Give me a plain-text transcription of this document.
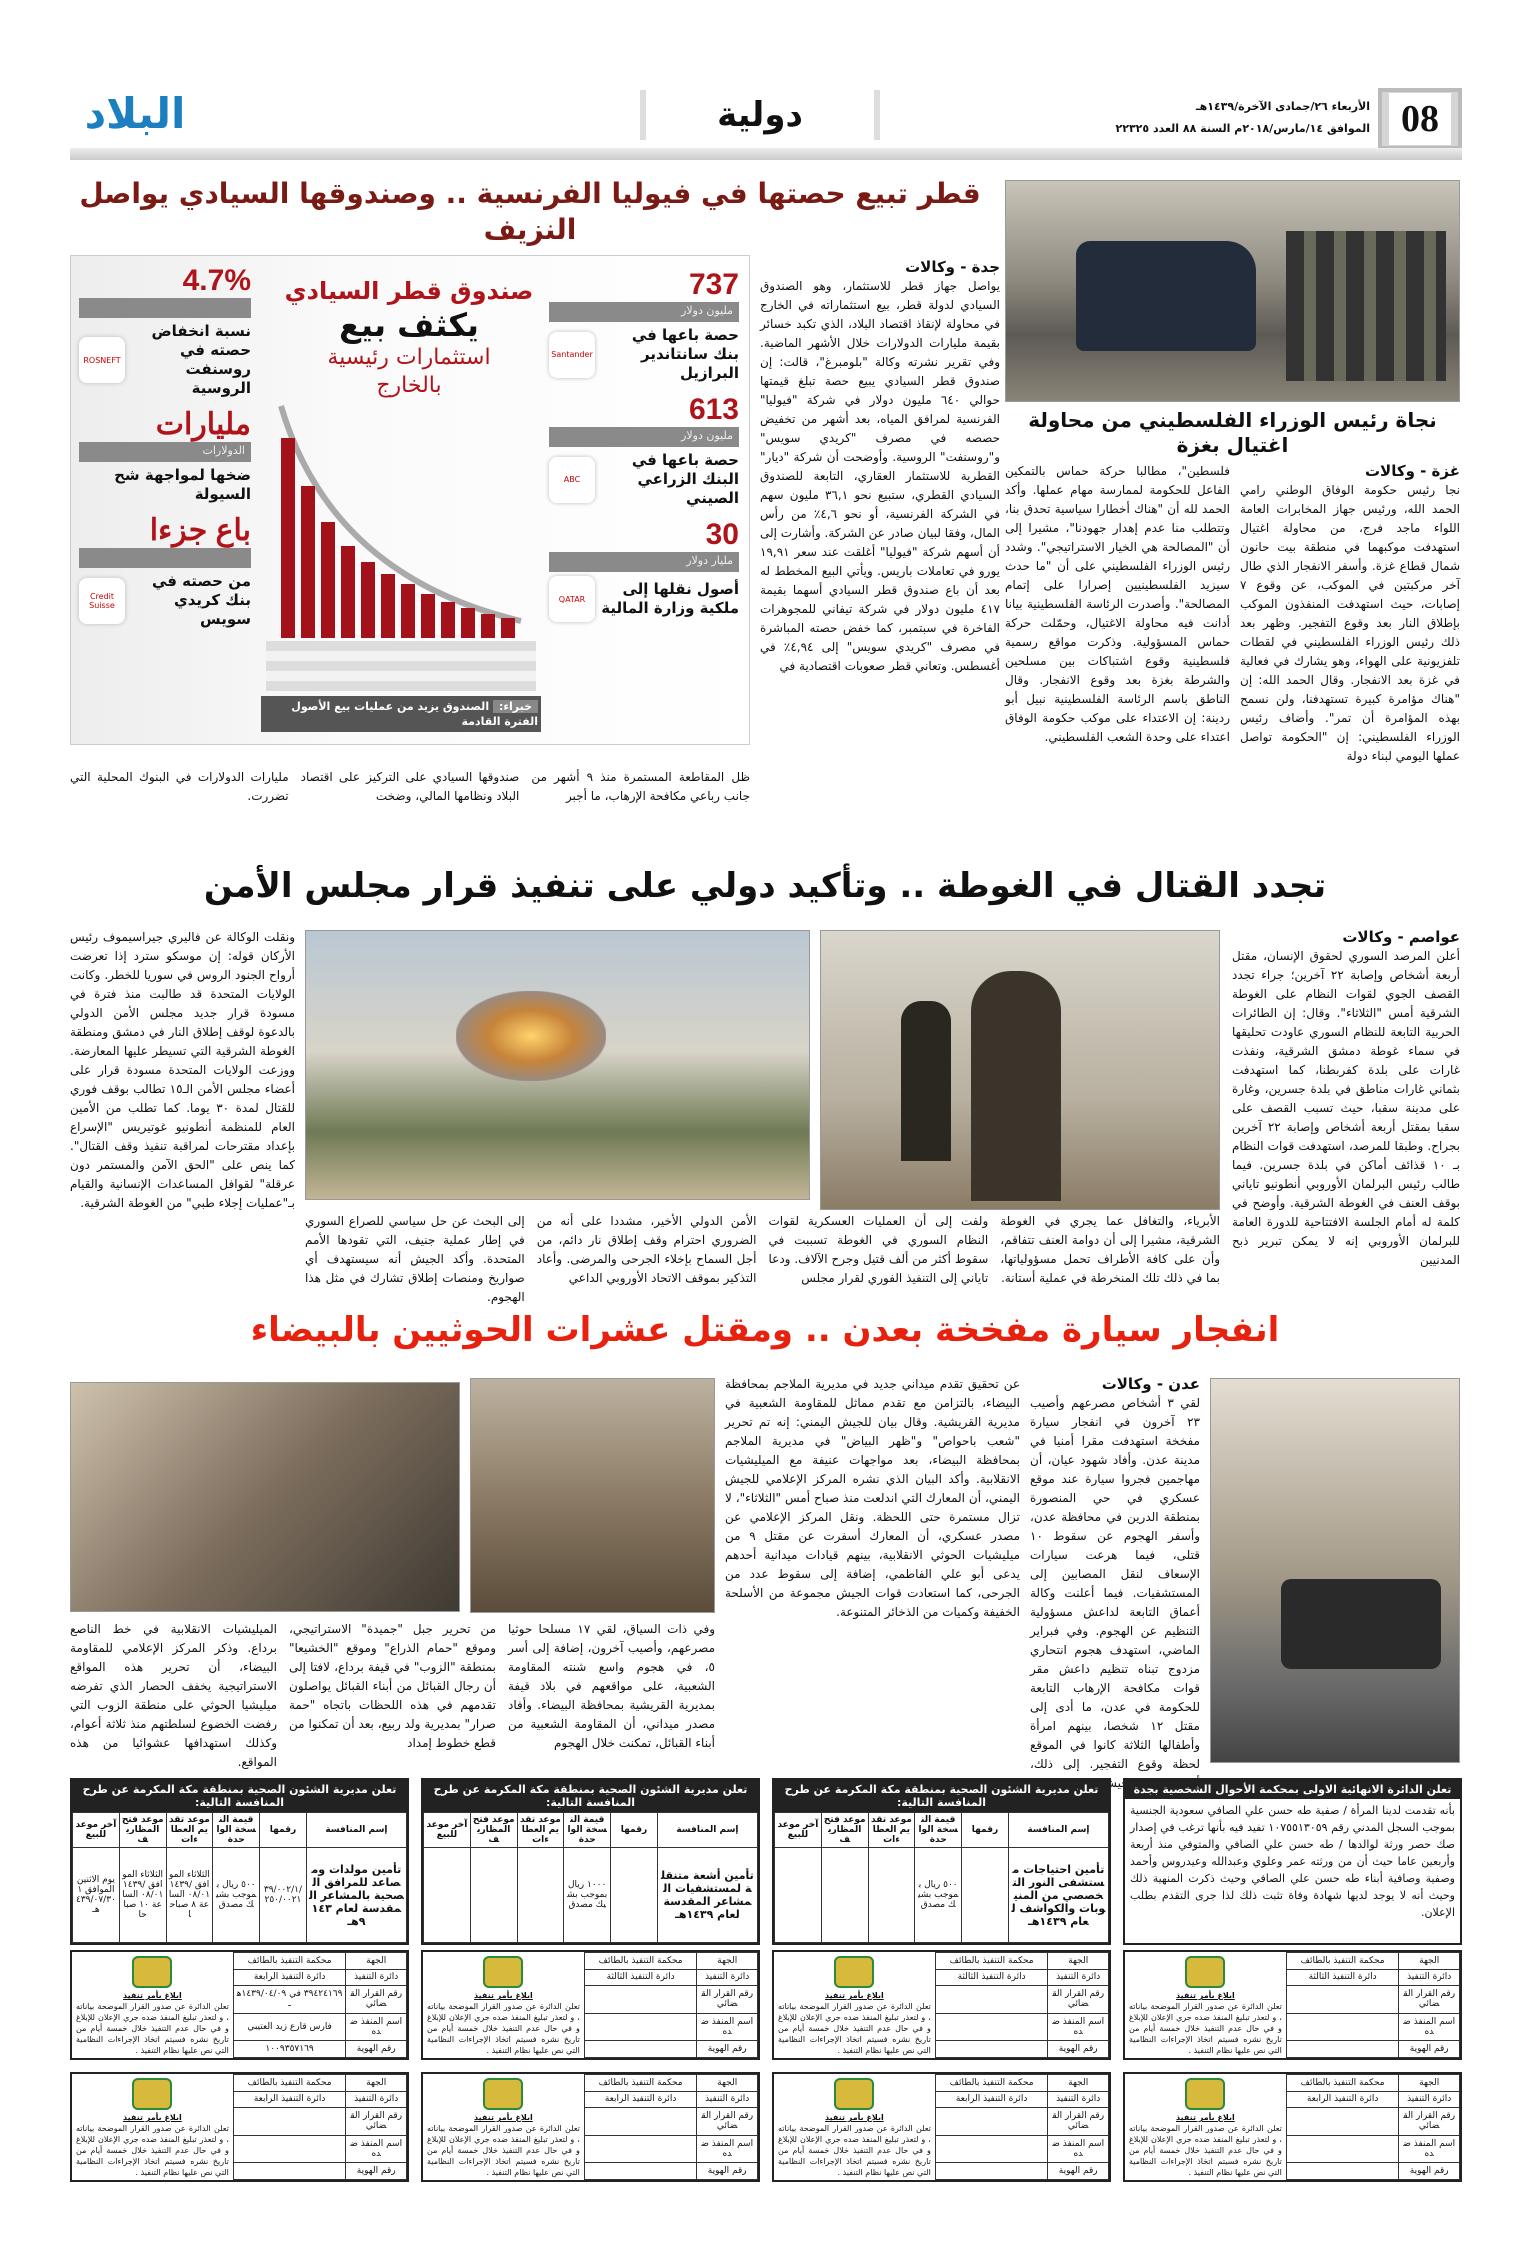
08
الأربعاء ٢٦/جمادى الآخرة/١٤٣٩هـ
الموافق ١٤/مارس/٢٠١٨م السنة ٨٨ العدد ٢٢٣٢٥
دولية
البلاد
قطر تبيع حصتها في فيوليا الفرنسية .. وصندوقها السيادي يواصل النزيف
صندوق قطر السيادي
يكثف بيع
استثمارات رئيسية
بالخارج
خبراء: الصندوق يزيد من عمليات بيع الأصول الفترة القادمة
737
مليون دولار
حصة باعها في بنك سانتاندير البرازيل
Santander
613
مليون دولار
حصة باعها في البنك الزراعي الصيني
ABC
30
مليار دولار
أصول نقلها إلى ملكية وزارة المالية
QATAR
4.7%
نسبة انخفاض حصته في روسنفت الروسية
ROSNEFT
مليارات
الدولارات
ضخها لمواجهة شح السيولة
باع جزءا
من حصته في بنك كريدي سويس
Credit Suisse
جدة - وكالات
يواصل جهاز قطر للاستثمار، وهو الصندوق السيادي لدولة قطر، بيع استثماراته في الخارج في محاولة لإنقاذ اقتصاد البلاد، الذي تكبد خسائر بقيمة مليارات الدولارات خلال الأشهر الماضية. وفي تقرير نشرته وكالة "بلومبرغ"، قالت: إن صندوق قطر السيادي يبيع حصة تبلغ قيمتها حوالي ٦٤٠ مليون دولار في شركة "فيوليا" الفرنسية لمرافق المياه، بعد أشهر من تخفيض حصصه في مصرف "كريدي سويس" و"روسنفت" الروسية. وأوضحت أن شركة "ديار" القطرية للاستثمار العقاري، التابعة للصندوق السيادي القطري، ستبيع نحو ٣٦,١ مليون سهم في الشركة الفرنسية، أو نحو ٤,٦٪ من رأس المال، وفقا لبيان صادر عن الشركة. وأشارت إلى أن أسهم شركة "فيوليا" أغلقت عند سعر ١٩,٩١ يورو في تعاملات باريس. ويأتي البيع المخطط له بعد أن باع صندوق قطر السيادي أسهما بقيمة ٤١٧ مليون دولار في شركة تيفاني للمجوهرات الفاخرة في سبتمبر، كما خفض حصته المباشرة في مصرف "كريدي سويس" إلى ٤,٩٤٪ في أغسطس. وتعاني قطر صعوبات اقتصادية في
ظل المقاطعة المستمرة منذ ٩ أشهر من جانب رباعي مكافحة الإرهاب، ما أجبر
صندوقها السيادي على التركيز على اقتصاد البلاد ونظامها المالي، وضخت
مليارات الدولارات في البنوك المحلية التي تضررت.
نجاة رئيس الوزراء الفلسطيني من محاولة اغتيال بغزة
غزة - وكالات
نجا رئيس حكومة الوفاق الوطني رامي الحمد الله، ورئيس جهاز المخابرات العامة اللواء ماجد فرج، من محاولة اغتيال استهدفت موكبهما في منطقة بيت حانون شمال قطاع غزة. وأسفر الانفجار الذي طال آخر مركبتين في الموكب، عن وقوع ٧ إصابات، حيث استهدفت المنفذون الموكب بإطلاق النار بعد وقوع التفجير. وظهر بعد ذلك رئيس الوزراء الفلسطيني في لقطات تلفزيونية على الهواء، وهو يشارك في فعالية في غزة بعد الانفجار. وقال الحمد الله: إن "هناك مؤامرة كبيرة تستهدفنا، ولن نسمح بهذه المؤامرة أن تمر". وأضاف رئيس الوزراء الفلسطيني: إن "الحكومة تواصل عملها اليومي لبناء دولة
فلسطين"، مطالبا حركة حماس بالتمكين الفاعل للحكومة لممارسة مهام عملها. وأكد الحمد لله أن "هناك أخطارا سياسية تحدق بنا، وتتطلب منا عدم إهدار جهودنا"، مشيرا إلى أن "المصالحة هي الخيار الاستراتيجي". وشدد رئيس الوزراء الفلسطيني على أن "ما حدث سيزيد الفلسطينيين إصرارا على إتمام المصالحة". وأصدرت الرئاسة الفلسطينية بيانا أدانت فيه محاولة الاغتيال، وحمّلت حركة حماس المسؤولية. وذكرت مواقع رسمية فلسطينية وقوع اشتباكات بين مسلحين والشرطة بغزة بعد وقوع الانفجار. وقال الناطق باسم الرئاسة الفلسطينية نبيل أبو ردينة: إن الاعتداء على موكب حكومة الوفاق اعتداء على وحدة الشعب الفلسطيني.
تجدد القتال في الغوطة .. وتأكيد دولي على تنفيذ قرار مجلس الأمن
عواصم - وكالات
أعلن المرصد السوري لحقوق الإنسان، مقتل أربعة أشخاص وإصابة ٢٢ آخرين؛ جراء تجدد القصف الجوي لقوات النظام على الغوطة الشرقية أمس "الثلاثاء". وقال: إن الطائرات الحربية التابعة للنظام السوري عاودت تحليقها في سماء غوطة دمشق الشرقية، ونفذت غارات على بلدة كفربطنا، كما استهدفت بثماني غارات مناطق في بلدة جسرين، وغارة على مدينة سقبا، حيث تسبب القصف على سقبا بمقتل أربعة أشخاص وإصابة ٢٢ آخرين بجراح. وطبقا للمرصد، استهدفت قوات النظام بـ ١٠ قذائف أماكن في بلدة جسرين. فيما طالب رئيس البرلمان الأوروبي أنطونيو تاياني بوقف العنف في الغوطة الشرقية. وأوضح في كلمة له أمام الجلسة الافتتاحية للدورة العامة للبرلمان الأوروبي إنه لا يمكن تبرير ذبح المدنيين
ونقلت الوكالة عن فاليري جيراسيموف رئيس الأركان قوله: إن موسكو سترد إذا تعرضت أرواح الجنود الروس في سوريا للخطر. وكانت الولايات المتحدة قد طالبت منذ فترة في مسودة قرار جديد مجلس الأمن الدولي بالدعوة لوقف إطلاق النار في دمشق ومنطقة الغوطة الشرقية التي تسيطر عليها المعارضة. ووزعت الولايات المتحدة مسودة قرار على أعضاء مجلس الأمن الـ١٥ تطالب بوقف فوري للقتال لمدة ٣٠ يوما. كما تطلب من الأمين العام للمنظمة أنطونيو غوتيريس "الإسراع بإعداد مقترحات لمراقبة تنفيذ وقف القتال". كما ينص على "الحق الآمن والمستمر دون عرقلة" لقوافل المساعدات الإنسانية والقيام بـ"عمليات إجلاء طبي" من الغوطة الشرقية.
الأبرياء، والتغافل عما يجري في الغوطة الشرقية، مشيرا إلى أن دوامة العنف تتفاقم، وأن على كافة الأطراف تحمل مسؤولياتها، بما في ذلك تلك المنخرطة في عملية أستانة.
ولفت إلى أن العمليات العسكرية لقوات النظام السوري في الغوطة تسببت في سقوط أكثر من ألف قتيل وجرح الآلاف. ودعا تاياني إلى التنفيذ الفوري لقرار مجلس
الأمن الدولي الأخير، مشددا على أنه من الضروري احترام وقف إطلاق نار دائم، من أجل السماح بإخلاء الجرحى والمرضى. وأعاد التذكير بموقف الاتحاد الأوروبي الداعي
إلى البحث عن حل سياسي للصراع السوري في إطار عملية جنيف، التي تقودها الأمم المتحدة. وأكد الجيش أنه سيستهدف أي صواريخ ومنصات إطلاق تشارك في مثل هذا الهجوم.
انفجار سيارة مفخخة بعدن .. ومقتل عشرات الحوثيين بالبيضاء
عدن - وكالات
لقي ٣ أشخاص مصرعهم وأصيب ٢٣ آخرون في انفجار سيارة مفخخة استهدفت مقرا أمنيا في مدينة عدن. وأفاد شهود عيان، أن مهاجمين فجروا سيارة عند موقع عسكري في حي المنصورة بمنطقة الدرين في محافظة عدن، وأسفر الهجوم عن سقوط ١٠ قتلى، فيما هرعت سيارات الإسعاف لنقل المصابين إلى المستشفيات. فيما أعلنت وكالة أعماق التابعة لداعش مسؤولية التنظيم عن الهجوم. وفي فبراير الماضي، استهدف هجوم انتحاري مزدوج تبناه تنظيم داعش مقر قوات مكافحة الإرهاب التابعة للحكومة في عدن، ما أدى إلى مقتل ١٢ شخصا، بينهم امرأة وأطفالها الثلاثة كانوا في الموقع لحظة وقوع التفجير. إلى ذلك، الجيش
عن تحقيق تقدم ميداني جديد في مديرية الملاجم بمحافظة البيضاء، بالتزامن مع تقدم مماثل للمقاومة الشعبية في مديرية القريشية. وقال بيان للجيش اليمني: إنه تم تحرير "شعب باحواص" و"ظهر البياض" في مديرية الملاجم بمحافظة البيضاء، بعد مواجهات عنيفة مع الميليشيات الانقلابية. وأكد البيان الذي نشره المركز الإعلامي للجيش اليمني، أن المعارك التي اندلعت منذ صباح أمس "الثلاثاء"، لا تزال مستمرة حتى اللحظة. ونقل المركز الإعلامي عن مصدر عسكري، أن المعارك أسفرت عن مقتل ٩ من ميليشيات الحوثي الانقلابية، بينهم قيادات ميدانية أحدهم يدعى أبو علي الفاطمي، إضافة إلى سقوط عدد من الجرحى، كما استعادت قوات الجيش مجموعة من الأسلحة الخفيفة وكميات من الذخائر المتنوعة.
وفي ذات السياق، لقي ١٧ مسلحا حوثيا مصرعهم، وأصيب آخرون، إضافة إلى أسر ٥، في هجوم واسع شنته المقاومة الشعبية، على مواقعهم في بلاد قيفة بمديرية القريشية بمحافظة البيضاء. وأفاد مصدر ميداني، أن المقاومة الشعبية من أبناء القبائل، تمكنت خلال الهجوم
من تحرير جبل "جميدة" الاستراتيجي، وموقع "حمام الذراع" وموقع "الخشيعا" بمنطقة "الزوب" في قيفة برداع، لافتا إلى أن رجال القبائل من أبناء القبائل يواصلون تقدمهم في هذه اللحظات باتجاه "حمة صرار" بمديرية ولد ربيع، بعد أن تمكنوا من قطع خطوط إمداد
الميليشيات الانقلابية في خط الناصع برداع. وذكر المركز الإعلامي للمقاومة البيضاء، أن تحرير هذه المواقع الاستراتيجية يخفف الحصار الذي تفرضه ميليشيا الحوثي على منطقة الزوب التي رفضت الخضوع لسلطتهم منذ ثلاثة أعوام، وكذلك استهدافها عشوائيا من هذه المواقع.
تعلن الدائرة الانهائية الاولى بمحكمة الأحوال الشخصية بجدة
بأنه تقدمت لدينا المرأة / صفية طه حسن علي الصافي سعودية الجنسية بموجب السجل المدني رقم ١٠٧٥٥١٣٠٥٩ تفيد فيه بأنها ترغب في إصدار صك حصر ورثة لوالدها / طه حسن علي الصافي والمتوفي منذ أربعة وأربعين عاما حيث أن من ورثته عمر وعلوي وعبدالله وعيدروس وأحمد وصفية وصافية أبناء طه حسن علي الصافي وحيث ذكرت المنهية ذلك وحيث أنه لا يوجد لديها شهادة وفاة تثبت ذلك لذا جرى التقدم بطلب الإعلان.
تعلن مديرية الشئون الصحية بمنطقة مكة المكرمة عن طرح المنافسة التالية:
إسم المنافسة	رقمها	قيمة النسخة الواحدة	موعد تقديم العطاءات	موعد فتح المظاريف	آخر موعد للبيع
تأمين احتياجات مستشفى النور التخصصي من المنيوبات والكواشف لعام ١٤٣٩هـ		٥٠٠ ريال بموجب بشيك مصدق			
تعلن مديرية الشئون الصحية بمنطقة مكة المكرمة عن طرح المنافسة التالية:
إسم المنافسة	رقمها	قيمة النسخة الواحدة	موعد تقديم العطاءات	موعد فتح المظاريف	آخر موعد للبيع
تأمين أشعة متنقلة لمستشفيات المشاعر المقدسة لعام ١٤٣٩هـ		١٠٠٠ ريال بموجب بشيك مصدق			
تعلن مديرية الشئون الصحية بمنطقة مكة المكرمة عن طرح المنافسة التالية:
إسم المنافسة	رقمها	قيمة النسخة الواحدة	موعد تقديم العطاءات	موعد فتح المظاريف	آخر موعد للبيع
تأمين مولدات ومصاعد للمرافق الصحية بالمشاعر المقدسة لعام ١٤٣٩هـ	٣٩/٠٠٢/١/٢٥٠/٠٠٢١	٥٠٠ ريال بموجب بشيك مصدق	الثلاثاء الموافق ١٤٣٩/٠٨/٠١ الساعة ٨ صباحا	الثلاثاء الموافق ١٤٣٩/٠٨/٠١ الساعة ١٠ صباحا	يوم الاثنين الموافق ١٤٣٩/٠٧/٣٠هـ
الجهة	محكمة التنفيذ بالطائف
دائرة التنفيذ	دائرة التنفيذ الثالثة
رقم القرار القضائي	
اسم المنفذ ضده	
رقم الهوية	
ابلاغ بأمر تنفيذ
تعلن الدائرة عن صدور القرار الموضحة بياناته ، و لتعذر تبليغ المنفذ ضده جري الإعلان للإبلاغ و في حال عدم التنفيذ خلال خمسة أيام من تاريخ نشره فسيتم اتخاذ الإجراءات النظامية التي نص عليها نظام التنفيذ .
الجهة	محكمة التنفيذ بالطائف
دائرة التنفيذ	دائرة التنفيذ الثالثة
رقم القرار القضائي	
اسم المنفذ ضده	
رقم الهوية	
ابلاغ بأمر تنفيذ
تعلن الدائرة عن صدور القرار الموضحة بياناته ، و لتعذر تبليغ المنفذ ضده جري الإعلان للإبلاغ و في حال عدم التنفيذ خلال خمسة أيام من تاريخ نشره فسيتم اتخاذ الإجراءات النظامية التي نص عليها نظام التنفيذ .
الجهة	محكمة التنفيذ بالطائف
دائرة التنفيذ	دائرة التنفيذ الثالثة
رقم القرار القضائي	
اسم المنفذ ضده	
رقم الهوية	
ابلاغ بأمر تنفيذ
تعلن الدائرة عن صدور القرار الموضحة بياناته ، و لتعذر تبليغ المنفذ ضده جري الإعلان للإبلاغ و في حال عدم التنفيذ خلال خمسة أيام من تاريخ نشره فسيتم اتخاذ الإجراءات النظامية التي نص عليها نظام التنفيذ .
الجهة	محكمة التنفيذ بالطائف
دائرة التنفيذ	دائرة التنفيذ الرابعة
رقم القرار القضائي	٣٩٤٢٤١٦٩ في ١٤٣٩/٠٤/٠٩هـ
اسم المنفذ ضده	فارس قارع زيد العتيبي
رقم الهوية	١٠٠٩٣٥٧١٦٩
ابلاغ بأمر تنفيذ
تعلن الدائرة عن صدور القرار الموضحة بياناته ، و لتعذر تبليغ المنفذ ضده جري الإعلان للإبلاغ و في حال عدم التنفيذ خلال خمسة أيام من تاريخ نشره فسيتم اتخاذ الإجراءات النظامية التي نص عليها نظام التنفيذ .
الجهة	محكمة التنفيذ بالطائف
دائرة التنفيذ	دائرة التنفيذ الرابعة
رقم القرار القضائي	
اسم المنفذ ضده	
رقم الهوية	
ابلاغ بأمر تنفيذ
تعلن الدائرة عن صدور القرار الموضحة بياناته ، و لتعذر تبليغ المنفذ ضده جري الإعلان للإبلاغ و في حال عدم التنفيذ خلال خمسة أيام من تاريخ نشره فسيتم اتخاذ الإجراءات النظامية التي نص عليها نظام التنفيذ .
الجهة	محكمة التنفيذ بالطائف
دائرة التنفيذ	دائرة التنفيذ الرابعة
رقم القرار القضائي	
اسم المنفذ ضده	
رقم الهوية	
ابلاغ بأمر تنفيذ
تعلن الدائرة عن صدور القرار الموضحة بياناته ، و لتعذر تبليغ المنفذ ضده جري الإعلان للإبلاغ و في حال عدم التنفيذ خلال خمسة أيام من تاريخ نشره فسيتم اتخاذ الإجراءات النظامية التي نص عليها نظام التنفيذ .
الجهة	محكمة التنفيذ بالطائف
دائرة التنفيذ	دائرة التنفيذ الرابعة
رقم القرار القضائي	
اسم المنفذ ضده	
رقم الهوية	
ابلاغ بأمر تنفيذ
تعلن الدائرة عن صدور القرار الموضحة بياناته ، و لتعذر تبليغ المنفذ ضده جري الإعلان للإبلاغ و في حال عدم التنفيذ خلال خمسة أيام من تاريخ نشره فسيتم اتخاذ الإجراءات النظامية التي نص عليها نظام التنفيذ .
الجهة	محكمة التنفيذ بالطائف
دائرة التنفيذ	دائرة التنفيذ الرابعة
رقم القرار القضائي	
اسم المنفذ ضده	
رقم الهوية	
ابلاغ بأمر تنفيذ
تعلن الدائرة عن صدور القرار الموضحة بياناته ، و لتعذر تبليغ المنفذ ضده جري الإعلان للإبلاغ و في حال عدم التنفيذ خلال خمسة أيام من تاريخ نشره فسيتم اتخاذ الإجراءات النظامية التي نص عليها نظام التنفيذ .
